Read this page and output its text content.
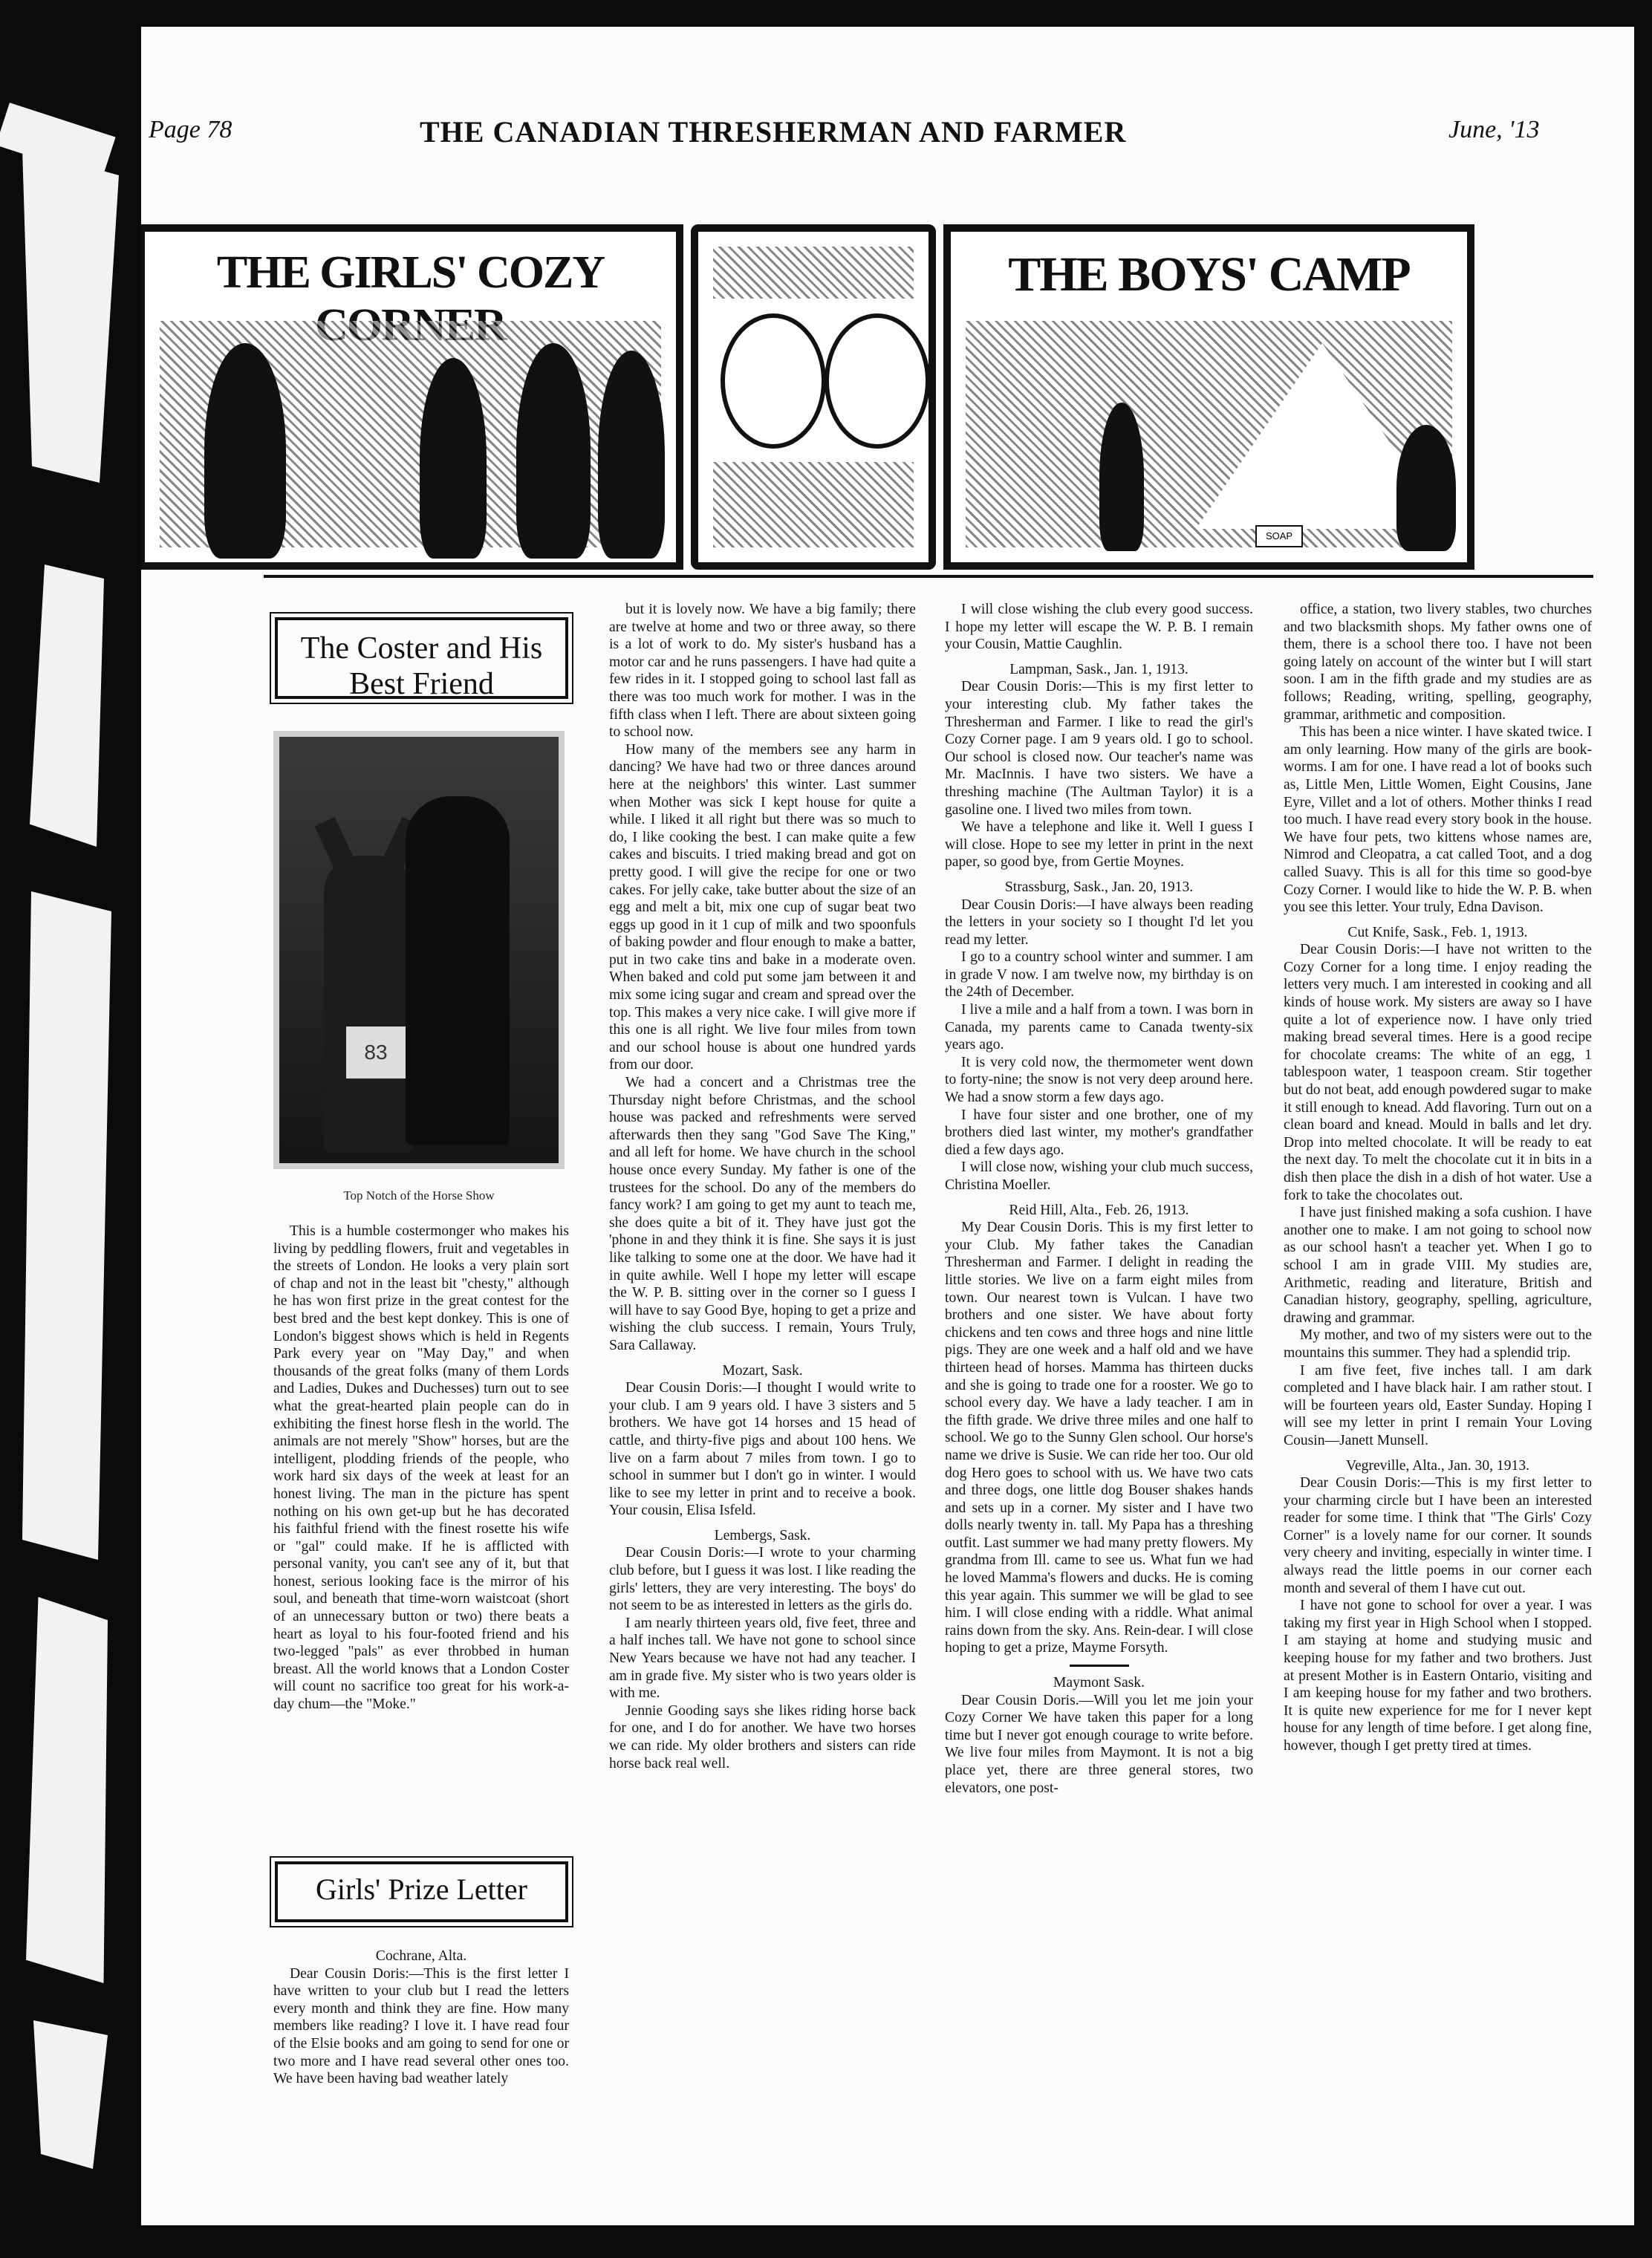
Page 78	THE CANADIAN THRESHERMAN AND FARMER	June, '13
THE GIRLS' COZY	THE BOYS' CAMP
SOAP
The Coster and His Best Friend
83
Top Notch of the Horse Show

This is a humble costermonger who makes his living by peddling flowers, fruit and vegetables in the streets of London. He looks a very plain sort of chap and not in the least bit "chesty," although he has won first prize in the great contest for the best bred and the best kept donkey. This is one of London's biggest shows which is held in Regents Park every year on "May Day," and when thousands of the great folks (many of them Lords and Ladies, Dukes and Duchesses) turn out to see what the great-hearted plain people can do in exhibiting the finest horse flesh in the world. The animals are not merely "Show" horses, but are the intelligent, plodding friends of the people, who work hard six days of the week at least for an honest living. The man in the picture has spent nothing on his own get-up but he has decorated his faithful friend with the finest rosette his wife or "gal" could make. If he is afflicted with personal vanity, you can't see any of it, but that honest, serious looking face is the mirror of his soul, and beneath that time-worn waistcoat (short of an unnecessary button or two) there beats a heart as loyal to his four-footed friend and his two-legged "pals" as ever throbbed in human breast. All the world knows that a London Coster will count no sacrifice too great for his work-a-day chum—the "Moke."

Girls' Prize Letter

Cochrane, Alta.

Dear Cousin Doris:—This is the first letter I have written to your club but I read the letters every month and think they are fine. How many members like reading? I love it. I have read four of the Elsie books and am going to send for one or two more and I have read several other ones too. We have been having bad weather lately

but it is lovely now. We have a big family; there are twelve at home and two or three away, so there is a lot of work to do. My sister's husband has a motor car and he runs passengers. I have had quite a few rides in it. I stopped going to school last fall as there was too much work for mother. I was in the fifth class when I left. There are about sixteen going to school now.

How many of the members see any harm in dancing? We have had two or three dances around here at the neighbors' this winter. Last summer when Mother was sick I kept house for quite a while. I liked it all right but there was so much to do, I like cooking the best. I can make quite a few cakes and biscuits. I tried making bread and got on pretty good. I will give the recipe for one or two cakes. For jelly cake, take butter about the size of an egg and melt a bit, mix one cup of sugar beat two eggs up good in it 1 cup of milk and two spoonfuls of baking powder and flour enough to make a batter, put in two cake tins and bake in a moderate oven. When baked and cold put some jam between it and mix some icing sugar and cream and spread over the top. This makes a very nice cake. I will give more if this one is all right. We live four miles from town and our school house is about one hundred yards from our door.

We had a concert and a Christmas tree the Thursday night before Christmas, and the school house was packed and refreshments were served afterwards then they sang "God Save The King," and all left for home. We have church in the school house once every Sunday. My father is one of the trustees for the school. Do any of the members do fancy work? I am going to get my aunt to teach me, she does quite a bit of it. They have just got the 'phone in and they think it is fine. She says it is just like talking to some one at the door. We have had it in quite awhile. Well I hope my letter will escape the W. P. B. sitting over in the corner so I guess I will have to say Good Bye, hoping to get a prize and wishing the club success. I remain, Yours Truly, Sara Callaway.

Mozart, Sask.

Dear Cousin Doris:—I thought I would write to your club. I am 9 years old. I have 3 sisters and 5 brothers. We have got 14 horses and 15 head of cattle, and thirty-five pigs and about 100 hens. We live on a farm about 7 miles from town. I go to school in summer but I don't go in winter. I would like to see my letter in print and to receive a book. Your cousin, Elisa Isfeld.

Lembergs, Sask.

Dear Cousin Doris:—I wrote to your charming club before, but I guess it was lost. I like reading the girls' letters, they are very interesting. The boys' do not seem to be as interested in letters as the girls do.

I am nearly thirteen years old, five feet, three and a half inches tall. We have not gone to school since New Years because we have not had any teacher. I am in grade five. My sister who is two years older is with me.

Jennie Gooding says she likes riding horse back for one, and I do for another. We have two horses we can ride. My older brothers and sisters can ride horse back real well.

I will close wishing the club every good success. I hope my letter will escape the W. P. B. I remain your Cousin, Mattie Caughlin.

Lampman, Sask., Jan. 1, 1913.

Dear Cousin Doris:—This is my first letter to your interesting club. My father takes the Thresherman and Farmer. I like to read the girl's Cozy Corner page. I am 9 years old. I go to school. Our school is closed now. Our teacher's name was Mr. MacInnis. I have two sisters. We have a threshing machine (The Aultman Taylor) it is a gasoline one. I lived two miles from town.

We have a telephone and like it. Well I guess I will close. Hope to see my letter in print in the next paper, so good bye, from Gertie Moynes.

Strassburg, Sask., Jan. 20, 1913.

Dear Cousin Doris:—I have always been reading the letters in your society so I thought I'd let you read my letter.

I go to a country school winter and summer. I am in grade V now. I am twelve now, my birthday is on the 24th of December.

I live a mile and a half from a town. I was born in Canada, my parents came to Canada twenty-six years ago.

It is very cold now, the thermometer went down to forty-nine; the snow is not very deep around here. We had a snow storm a few days ago.

I have four sister and one brother, one of my brothers died last winter, my mother's grandfather died a few days ago.

I will close now, wishing your club much success, Christina Moeller.

Reid Hill, Alta., Feb. 26, 1913.

My Dear Cousin Doris. This is my first letter to your Club. My father takes the Canadian Thresherman and Farmer. I delight in reading the little stories. We live on a farm eight miles from town. Our nearest town is Vulcan. I have two brothers and one sister. We have about forty chickens and ten cows and three hogs and nine little pigs. They are one week and a half old and we have thirteen head of horses. Mamma has thirteen ducks and she is going to trade one for a rooster. We go to school every day. We have a lady teacher. I am in the fifth grade. We drive three miles and one half to school. We go to the Sunny Glen school. Our horse's name we drive is Susie. We can ride her too. Our old dog Hero goes to school with us. We have two cats and three dogs, one little dog Bouser shakes hands and sets up in a corner. My sister and I have two dolls nearly twenty in. tall. My Papa has a threshing outfit. Last summer we had many pretty flowers. My grandma from Ill. came to see us. What fun we had he loved Mamma's flowers and ducks. He is coming this year again. This summer we will be glad to see him. I will close ending with a riddle. What animal rains down from the sky. Ans. Rein-dear. I will close hoping to get a prize, Mayme Forsyth.

Maymont Sask.

Dear Cousin Doris.—Will you let me join your Cozy Corner We have taken this paper for a long time but I never got enough courage to write before. We live four miles from Maymont. It is not a big place yet, there are three general stores, two elevators, one post-

office, a station, two livery stables, two churches and two blacksmith shops. My father owns one of them, there is a school there too. I have not been going lately on account of the winter but I will start soon. I am in the fifth grade and my studies are as follows; Reading, writing, spelling, geography, grammar, arithmetic and composition.

This has been a nice winter. I have skated twice. I am only learning. How many of the girls are book-worms. I am for one. I have read a lot of books such as, Little Men, Little Women, Eight Cousins, Jane Eyre, Villet and a lot of others. Mother thinks I read too much. I have read every story book in the house. We have four pets, two kittens whose names are, Nimrod and Cleopatra, a cat called Toot, and a dog called Suavy. This is all for this time so good-bye Cozy Corner. I would like to hide the W. P. B. when you see this letter. Your truly, Edna Davison.

Cut Knife, Sask., Feb. 1, 1913.

Dear Cousin Doris:—I have not written to the Cozy Corner for a long time. I enjoy reading the letters very much. I am interested in cooking and all kinds of house work. My sisters are away so I have quite a lot of experience now. I have only tried making bread several times. Here is a good recipe for chocolate creams: The white of an egg, 1 tablespoon water, 1 teaspoon cream. Stir together but do not beat, add enough powdered sugar to make it still enough to knead. Add flavoring. Turn out on a clean board and knead. Mould in balls and let dry. Drop into melted chocolate. It will be ready to eat the next day. To melt the chocolate cut it in bits in a dish then place the dish in a dish of hot water. Use a fork to take the chocolates out.

I have just finished making a sofa cushion. I have another one to make. I am not going to school now as our school hasn't a teacher yet. When I go to school I am in grade VIII. My studies are, Arithmetic, reading and literature, British and Canadian history, geography, spelling, agriculture, drawing and grammar.

My mother, and two of my sisters were out to the mountains this summer. They had a splendid trip.

I am five feet, five inches tall. I am dark completed and I have black hair. I am rather stout. I will be fourteen years old, Easter Sunday. Hoping I will see my letter in print I remain Your Loving Cousin—Janett Munsell.

Vegreville, Alta., Jan. 30, 1913.

Dear Cousin Doris:—This is my first letter to your charming circle but I have been an interested reader for some time. I think that "The Girls' Cozy Corner" is a lovely name for our corner. It sounds very cheery and inviting, especially in winter time. I always read the little poems in our corner each month and several of them I have cut out.

I have not gone to school for over a year. I was taking my first year in High School when I stopped. I am staying at home and studying music and keeping house for my father and two brothers. Just at present Mother is in Eastern Ontario, visiting and I am keeping house for my father and two brothers. It is quite new experience for me for I never kept house for any length of time before. I get along fine, however, though I get pretty tired at times.
